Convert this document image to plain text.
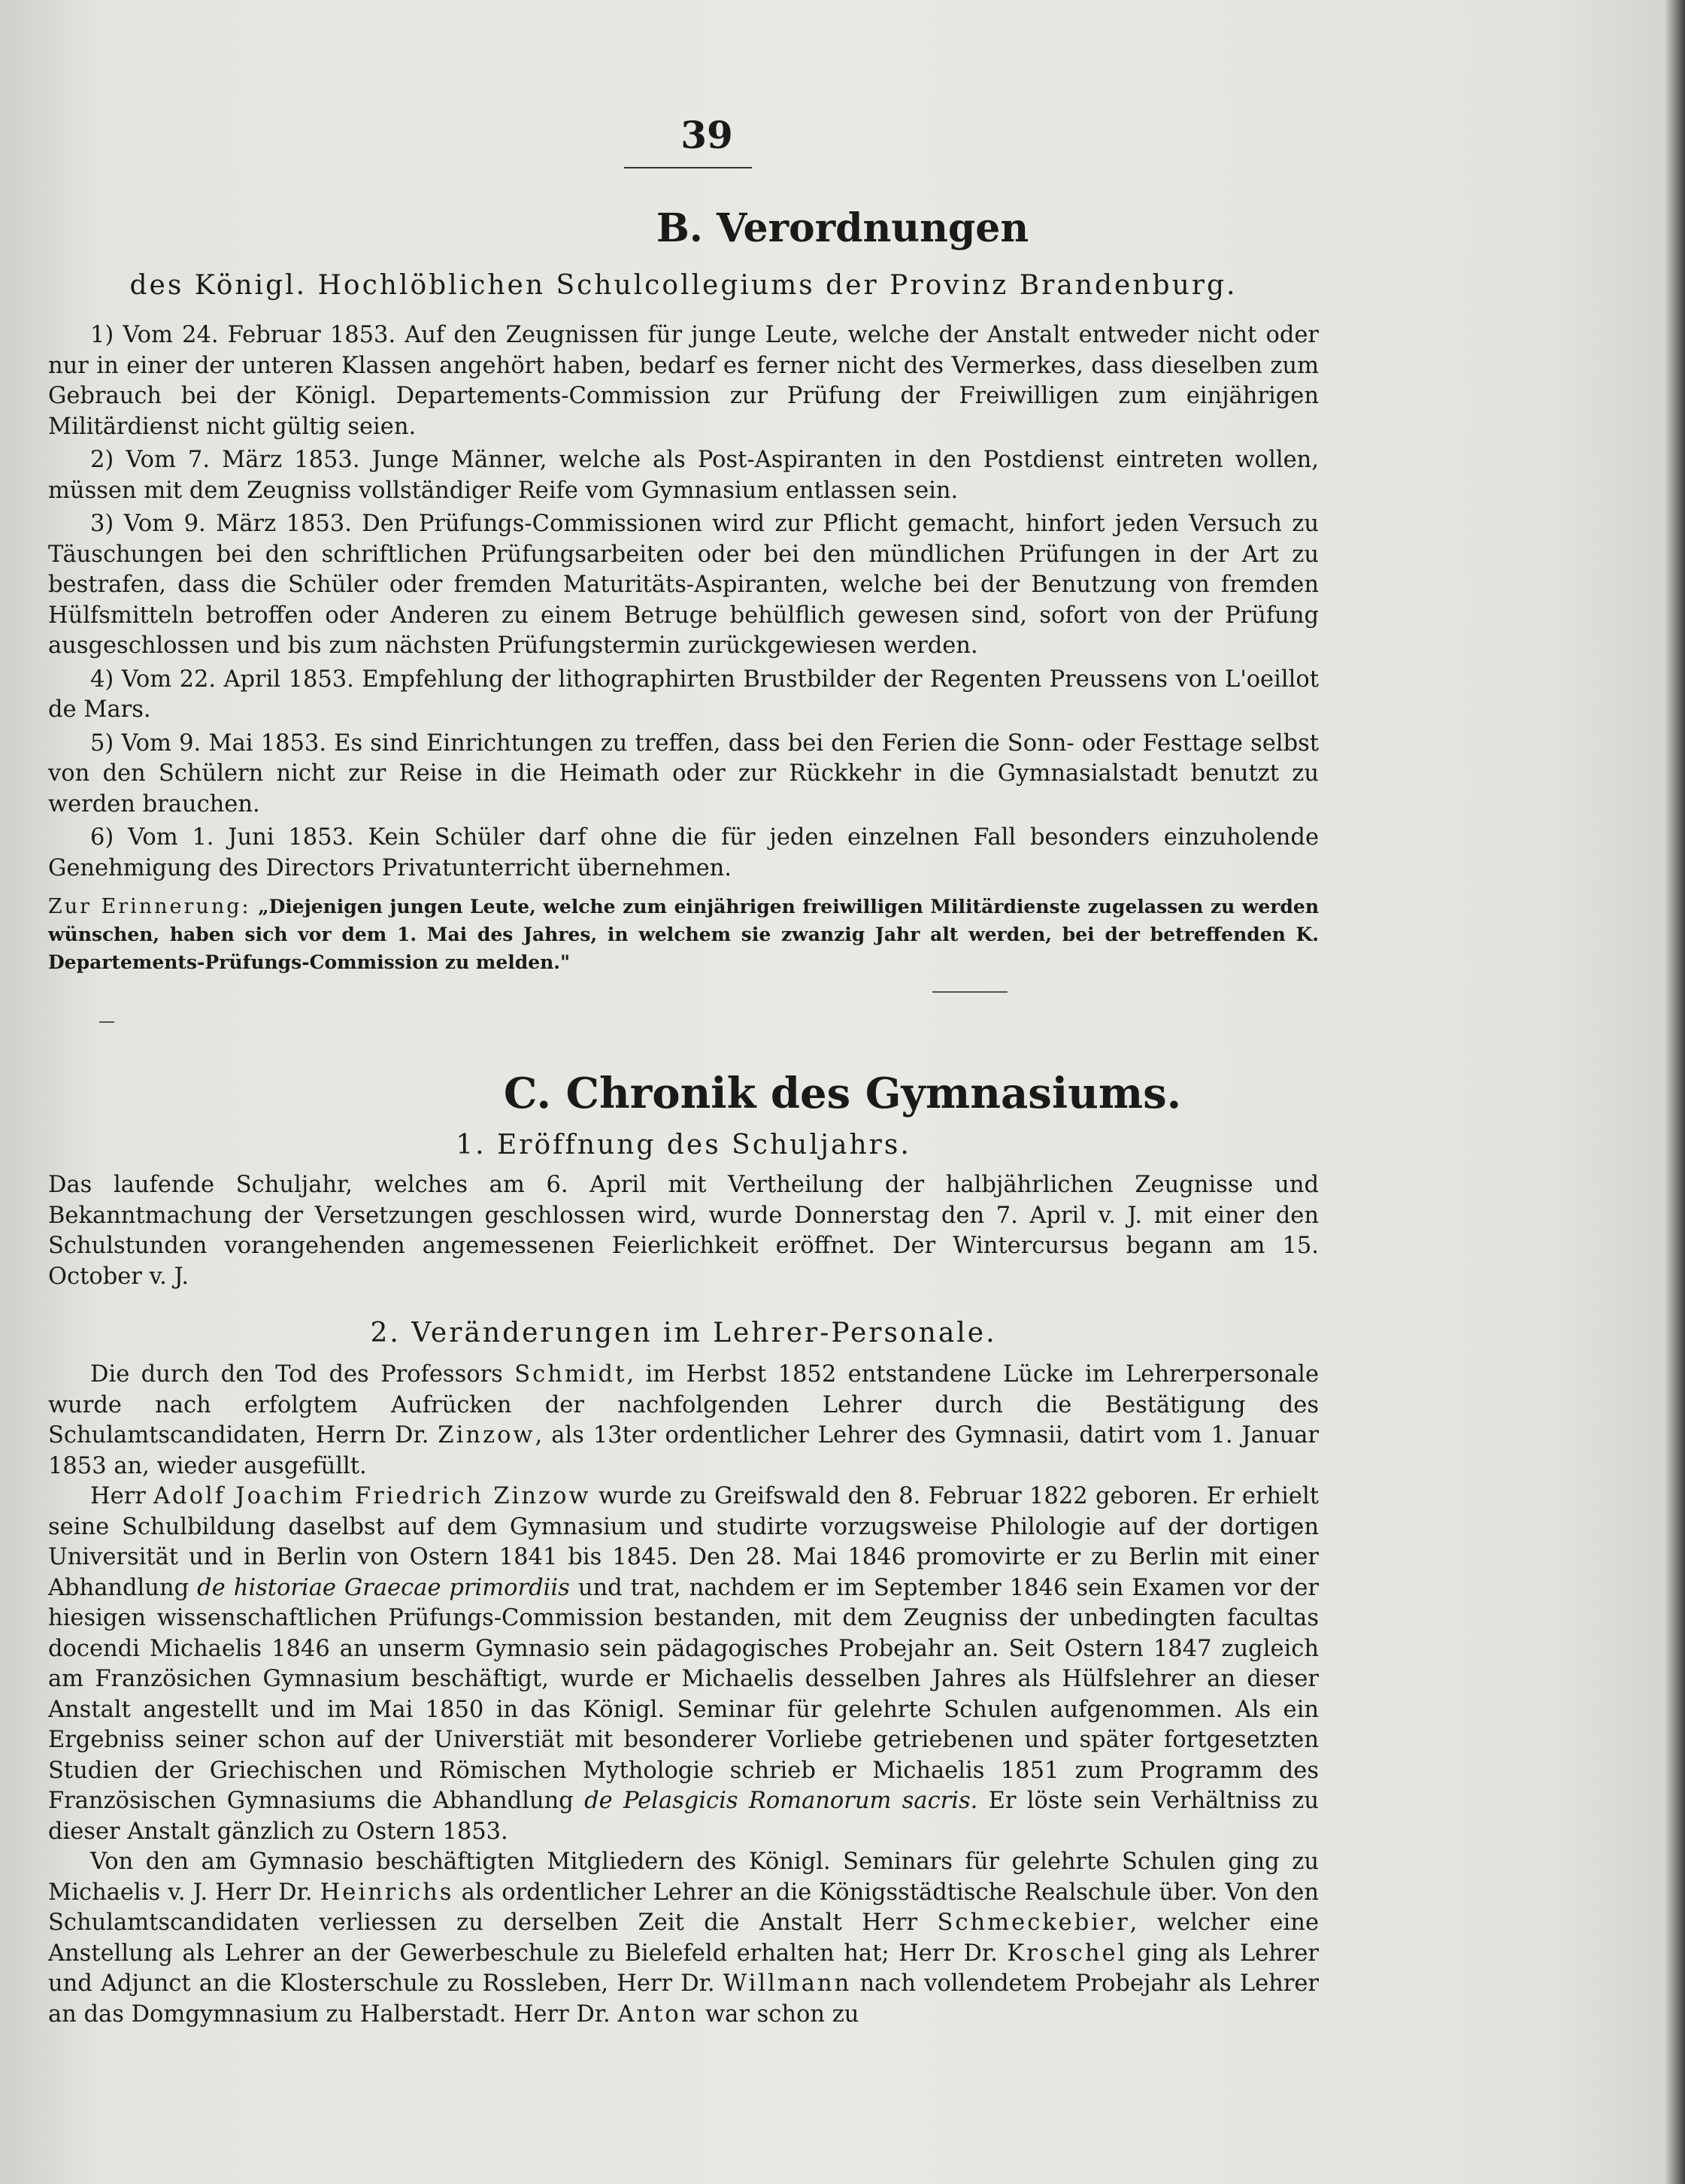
39
B. Verordnungen
des Königl. Hochlöblichen Schulcollegiums der Provinz Brandenburg.

1) Vom 24. Februar 1853. Auf den Zeugnissen für junge Leute, welche der Anstalt entweder nicht oder nur in einer der unteren Klassen angehört haben, bedarf es ferner nicht des Vermerkes, dass dieselben zum Gebrauch bei der Königl. Departements-Commission zur Prüfung der Freiwilligen zum einjährigen Militärdienst nicht gültig seien.

2) Vom 7. März 1853. Junge Männer, welche als Post-Aspiranten in den Postdienst eintreten wollen, müssen mit dem Zeugniss vollständiger Reife vom Gymnasium entlassen sein.

3) Vom 9. März 1853. Den Prüfungs-Commissionen wird zur Pflicht gemacht, hinfort jeden Versuch zu Täuschungen bei den schriftlichen Prüfungsarbeiten oder bei den mündlichen Prüfungen in der Art zu bestrafen, dass die Schüler oder fremden Maturitäts-Aspiranten, welche bei der Benutzung von fremden Hülfsmitteln betroffen oder Anderen zu einem Betruge behülflich gewesen sind, sofort von der Prüfung ausgeschlossen und bis zum nächsten Prüfungstermin zurückgewiesen werden.

4) Vom 22. April 1853. Empfehlung der lithographirten Brustbilder der Regenten Preussens von L'oeillot de Mars.

5) Vom 9. Mai 1853. Es sind Einrichtungen zu treffen, dass bei den Ferien die Sonn- oder Festtage selbst von den Schülern nicht zur Reise in die Heimath oder zur Rückkehr in die Gymnasialstadt benutzt zu werden brauchen.

6) Vom 1. Juni 1853. Kein Schüler darf ohne die für jeden einzelnen Fall besonders einzuholende Genehmigung des Directors Privatunterricht übernehmen.

Zur Erinnerung: „Diejenigen jungen Leute, welche zum einjährigen freiwilligen Militärdienste zugelassen zu werden wünschen, haben sich vor dem 1. Mai des Jahres, in welchem sie zwanzig Jahr alt werden, bei der betreffenden K. Departements-Prüfungs-Commission zu melden."

C. Chronik des Gymnasiums.
1. Eröffnung des Schuljahrs.

Das laufende Schuljahr, welches am 6. April mit Vertheilung der halbjährlichen Zeugnisse und Bekanntmachung der Versetzungen geschlossen wird, wurde Donnerstag den 7. April v. J. mit einer den Schulstunden vorangehenden angemessenen Feierlichkeit eröffnet. Der Wintercursus begann am 15. October v. J.

2. Veränderungen im Lehrer-Personale.

Die durch den Tod des Professors Schmidt, im Herbst 1852 entstandene Lücke im Lehrerpersonale wurde nach erfolgtem Aufrücken der nachfolgenden Lehrer durch die Bestätigung des Schulamtscandidaten, Herrn Dr. Zinzow, als 13ter ordentlicher Lehrer des Gymnasii, datirt vom 1. Januar 1853 an, wieder ausgefüllt.

Herr Adolf Joachim Friedrich Zinzow wurde zu Greifswald den 8. Februar 1822 geboren. Er erhielt seine Schulbildung daselbst auf dem Gymnasium und studirte vorzugsweise Philologie auf der dortigen Universität und in Berlin von Ostern 1841 bis 1845. Den 28. Mai 1846 promovirte er zu Berlin mit einer Abhandlung de historiae Graecae primordiis und trat, nachdem er im September 1846 sein Examen vor der hiesigen wissenschaftlichen Prüfungs-Commission bestanden, mit dem Zeugniss der unbedingten facultas docendi Michaelis 1846 an unserm Gymnasio sein pädagogisches Probejahr an. Seit Ostern 1847 zugleich am Französichen Gymnasium beschäftigt, wurde er Michaelis desselben Jahres als Hülfslehrer an dieser Anstalt angestellt und im Mai 1850 in das Königl. Seminar für gelehrte Schulen aufgenommen. Als ein Ergebniss seiner schon auf der Universtiät mit besonderer Vorliebe getriebenen und später fortgesetzten Studien der Griechischen und Römischen Mythologie schrieb er Michaelis 1851 zum Programm des Französischen Gymnasiums die Abhandlung de Pelasgicis Romanorum sacris. Er löste sein Verhältniss zu dieser Anstalt gänzlich zu Ostern 1853.

Von den am Gymnasio beschäftigten Mitgliedern des Königl. Seminars für gelehrte Schulen ging zu Michaelis v. J. Herr Dr. Heinrichs als ordentlicher Lehrer an die Königsstädtische Realschule über. Von den Schulamtscandidaten verliessen zu derselben Zeit die Anstalt Herr Schmeckebier, welcher eine Anstellung als Lehrer an der Gewerbeschule zu Bielefeld erhalten hat; Herr Dr. Kroschel ging als Lehrer und Adjunct an die Klosterschule zu Rossleben, Herr Dr. Willmann nach vollendetem Probejahr als Lehrer an das Domgymnasium zu Halberstadt. Herr Dr. Anton war schon zu
